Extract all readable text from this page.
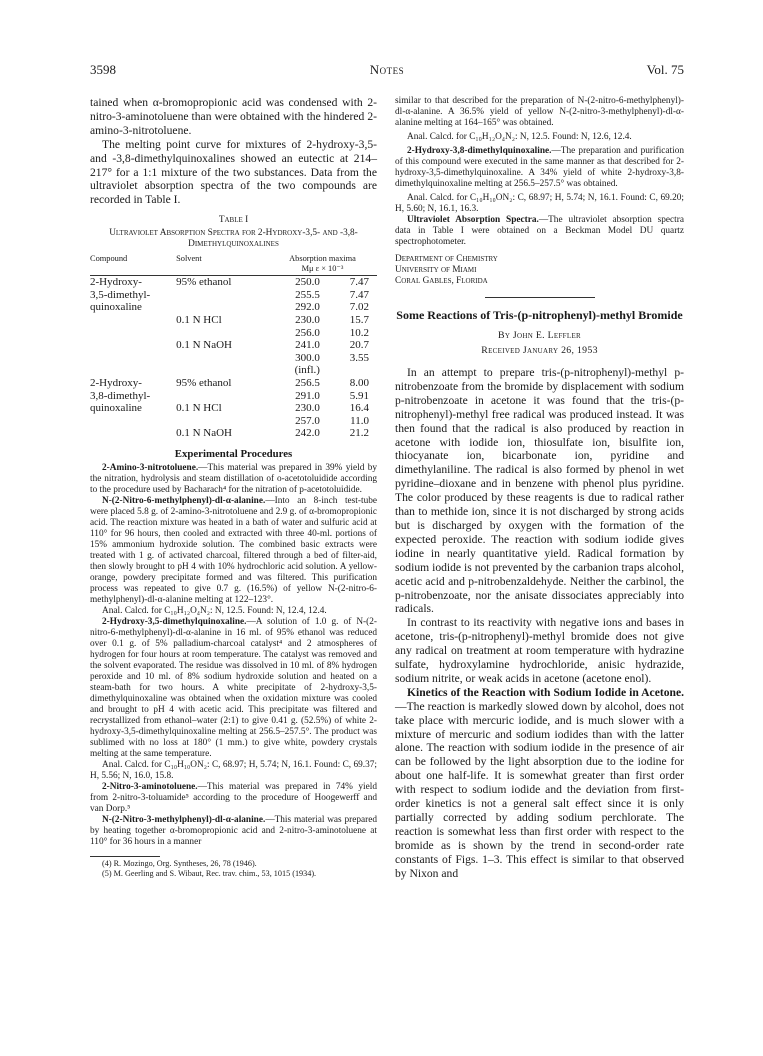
3598	Notes	Vol. 75

tained when α-bromopropionic acid was condensed with 2-nitro-3-aminotoluene than were obtained with the hindered 2-amino-3-nitrotoluene.

The melting point curve for mixtures of 2-hydroxy-3,5- and -3,8-dimethylquinoxalines showed an eutectic at 214–217° for a 1:1 mixture of the two substances. Data from the ultraviolet absorption spectra of the two compounds are recorded in Table I.

Table I
Ultraviolet Absorption Spectra for 2-Hydroxy-3,5- and -3,8-Dimethylquinoxalines
Compound	Solvent	Absorption maxima
Mμ ε × 10⁻³	

2-Hydroxy-	95% ethanol	250.0	7.47
3,5-dimethyl-		255.5	7.47
quinoxaline		292.0	7.02
	0.1 N HCl	230.0	15.7
		256.0	10.2
	0.1 N NaOH	241.0	20.7
		300.0	3.55
		(infl.)	
2-Hydroxy-	95% ethanol	256.5	8.00
3,8-dimethyl-		291.0	5.91
quinoxaline	0.1 N HCl	230.0	16.4
		257.0	11.0
	0.1 N NaOH	242.0	21.2
Experimental Procedures

2-Amino-3-nitrotoluene.—This material was prepared in 39% yield by the nitration, hydrolysis and steam distillation of o-acetotoluidide according to the procedure used by Bacharach⁴ for the nitration of p-acetotoluidide.

N-(2-Nitro-6-methylphenyl)-dl-α-alanine.—Into an 8-inch test-tube were placed 5.8 g. of 2-amino-3-nitrotoluene and 2.9 g. of α-bromopropionic acid. The reaction mixture was heated in a bath of water and sulfuric acid at 110° for 96 hours, then cooled and extracted with three 40-ml. portions of 15% ammonium hydroxide solution. The combined basic extracts were treated with 1 g. of activated charcoal, filtered through a bed of filter-aid, then slowly brought to pH 4 with 10% hydrochloric acid solution. A yellow-orange, powdery precipitate formed and was filtered. This purification process was repeated to give 0.7 g. (16.5%) of yellow N-(2-nitro-6-methylphenyl)-dl-α-alanine melting at 122–123°.

Anal. Calcd. for C₁₀H₁₂O₄N₂: N, 12.5. Found: N, 12.4, 12.4.

2-Hydroxy-3,5-dimethylquinoxaline.—A solution of 1.0 g. of N-(2-nitro-6-methylphenyl)-dl-α-alanine in 16 ml. of 95% ethanol was reduced over 0.1 g. of 5% palladium-charcoal catalyst⁴ and 2 atmospheres of hydrogen for four hours at room temperature. The catalyst was removed and the solvent evaporated. The residue was dissolved in 10 ml. of 8% hydrogen peroxide and 10 ml. of 8% sodium hydroxide solution and heated on a steam-bath for two hours. A white precipitate of 2-hydroxy-3,5-dimethylquinoxaline was obtained when the oxidation mixture was cooled and brought to pH 4 with acetic acid. This precipitate was filtered and recrystallized from ethanol–water (2:1) to give 0.41 g. (52.5%) of white 2-hydroxy-3,5-dimethylquinoxaline melting at 256.5–257.5°. The product was sublimed with no loss at 180° (1 mm.) to give white, powdery crystals melting at the same temperature.

Anal. Calcd. for C₁₀H₁₀ON₂: C, 68.97; H, 5.74; N, 16.1. Found: C, 69.37; H, 5.56; N, 16.0, 15.8.

2-Nitro-3-aminotoluene.—This material was prepared in 74% yield from 2-nitro-3-toluamide⁵ according to the procedure of Hoogewerff and van Dorp.⁵

N-(2-Nitro-3-methylphenyl)-dl-α-alanine.—This material was prepared by heating together α-bromopropionic acid and 2-nitro-3-aminotoluene at 110° for 36 hours in a manner

(4) R. Mozingo, Org. Syntheses, 26, 78 (1946).
(5) M. Geerling and S. Wibaut, Rec. trav. chim., 53, 1015 (1934).

similar to that described for the preparation of N-(2-nitro-6-methylphenyl)-dl-α-alanine. A 36.5% yield of yellow N-(2-nitro-3-methylphenyl)-dl-α-alanine melting at 164–165° was obtained.

Anal. Calcd. for C₁₀H₁₂O₄N₂: N, 12.5. Found: N, 12.6, 12.4.

2-Hydroxy-3,8-dimethylquinoxaline.—The preparation and purification of this compound were executed in the same manner as that described for 2-hydroxy-3,5-dimethylquinoxaline. A 34% yield of white 2-hydroxy-3,8-dimethylquinoxaline melting at 256.5–257.5° was obtained.

Anal. Calcd. for C₁₀H₁₀ON₂: C, 68.97; H, 5.74; N, 16.1. Found: C, 69.20; H, 5.60; N, 16.1, 16.3.

Ultraviolet Absorption Spectra.—The ultraviolet absorption spectra data in Table I were obtained on a Beckman Model DU quartz spectrophotometer.

Department of Chemistry
University of Miami
Coral Gables, Florida
Some Reactions of Tris-(p-nitrophenyl)-methyl Bromide
By John E. Leffler
Received January 26, 1953

In an attempt to prepare tris-(p-nitrophenyl)-methyl p-nitrobenzoate from the bromide by displacement with sodium p-nitrobenzoate in acetone it was found that the tris-(p-nitrophenyl)-methyl free radical was produced instead. It was then found that the radical is also produced by reaction in acetone with iodide ion, thiosulfate ion, bisulfite ion, thiocyanate ion, bicarbonate ion, pyridine and dimethylaniline. The radical is also formed by phenol in wet pyridine–dioxane and in benzene with phenol plus pyridine. The color produced by these reagents is due to radical rather than to methide ion, since it is not discharged by strong acids but is discharged by oxygen with the formation of the expected peroxide. The reaction with sodium iodide gives iodine in nearly quantitative yield. Radical formation by sodium iodide is not prevented by the carbanion traps alcohol, acetic acid and p-nitrobenzaldehyde. Neither the carbinol, the p-nitrobenzoate, nor the anisate dissociates appreciably into radicals.

In contrast to its reactivity with negative ions and bases in acetone, tris-(p-nitrophenyl)-methyl bromide does not give any radical on treatment at room temperature with hydrazine sulfate, hydroxylamine hydrochloride, anisic hydrazide, sodium nitrite, or weak acids in acetone (acetone enol).

Kinetics of the Reaction with Sodium Iodide in Acetone.—The reaction is markedly slowed down by alcohol, does not take place with mercuric iodide, and is much slower with a mixture of mercuric and sodium iodides than with the latter alone. The reaction with sodium iodide in the presence of air can be followed by the light absorption due to the iodine for about one half-life. It is somewhat greater than first order with respect to sodium iodide and the deviation from first-order kinetics is not a general salt effect since it is only partially corrected by adding sodium perchlorate. The reaction is somewhat less than first order with respect to the bromide as is shown by the trend in second-order rate constants of Figs. 1–3. This effect is similar to that observed by Nixon and
